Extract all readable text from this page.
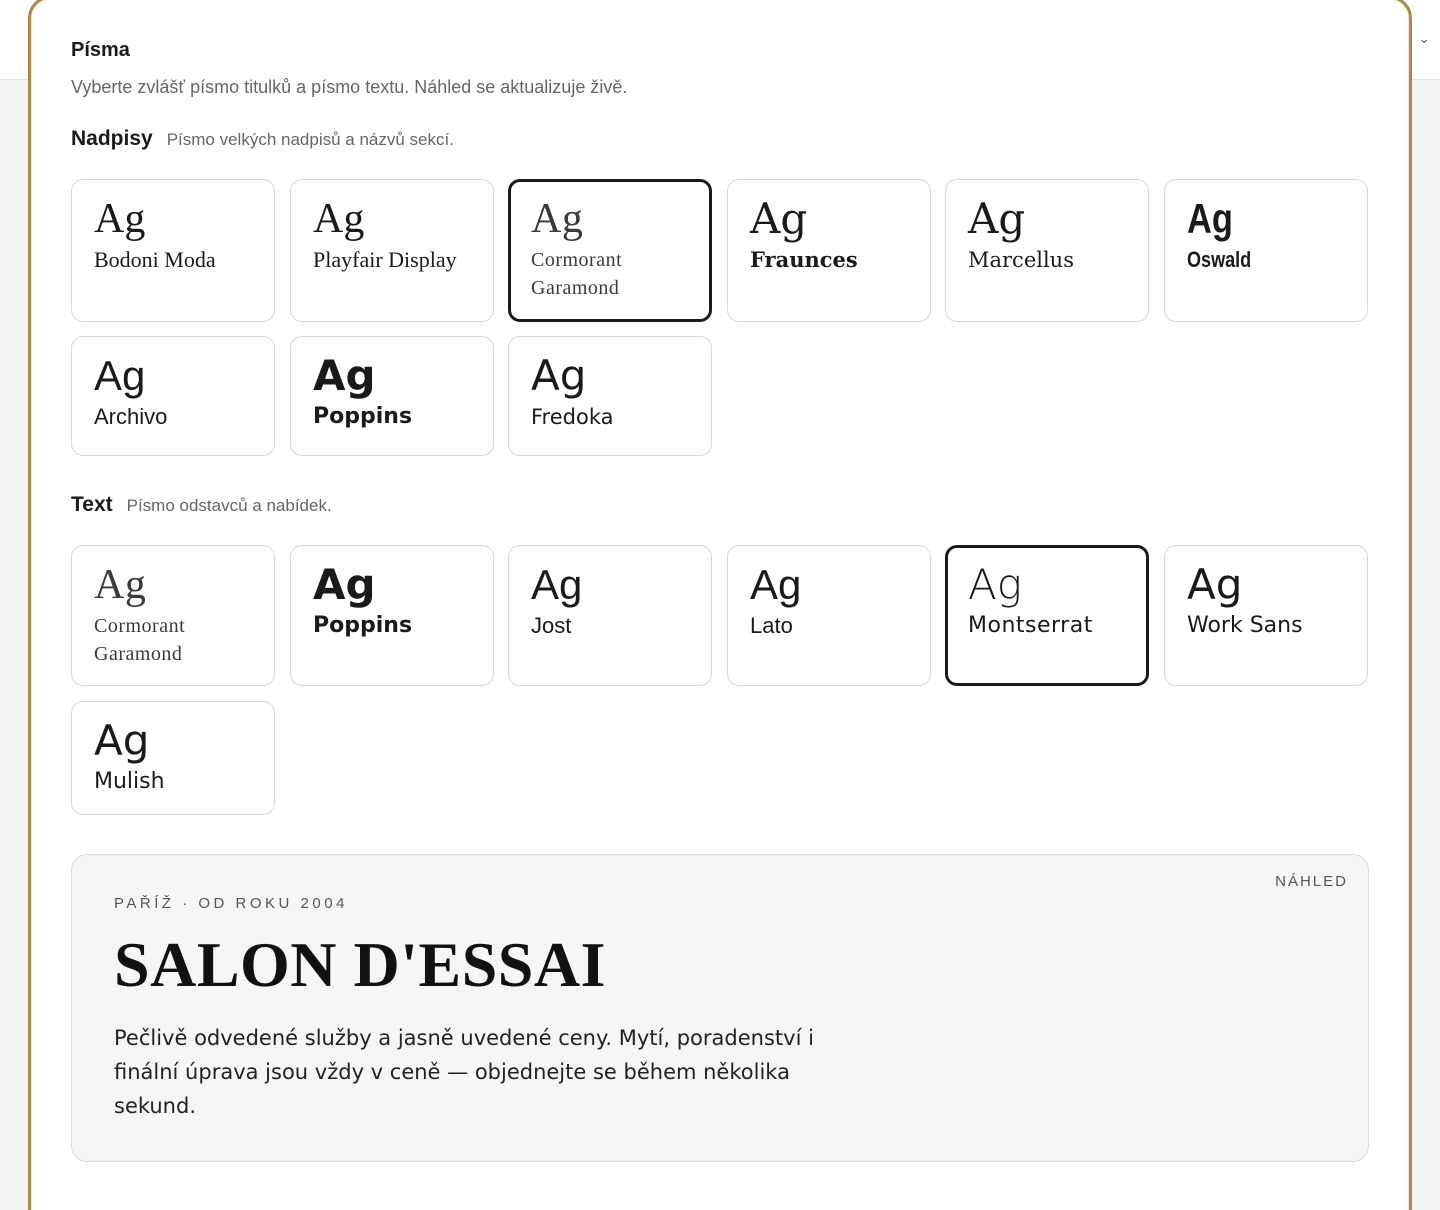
⌄
Písma
Vyberte zvlášť písmo titulků a písmo textu. Náhled se aktualizuje živě.
Nadpisy Písmo velkých nadpisů a názvů sekcí.
Ag
Bodoni Moda
Ag
Playfair Display
Ag
Cormorant Garamond
Ag
Fraunces
Ag
Marcellus
Ag
Oswald
Ag
Archivo
Ag
Poppins
Ag
Fredoka
Text Písmo odstavců a nabídek.
Ag
Cormorant Garamond
Ag
Poppins
Ag
Jost
Ag
Lato
Ag
Montserrat
Ag
Work Sans
Ag
Mulish
NÁHLED
PAŘÍŽ · OD ROKU 2004
SALON D'ESSAI
Pečlivě odvedené služby a jasně uvedené ceny. Mytí, poradenství i finální úprava jsou vždy v ceně — objednejte se během několika sekund.
